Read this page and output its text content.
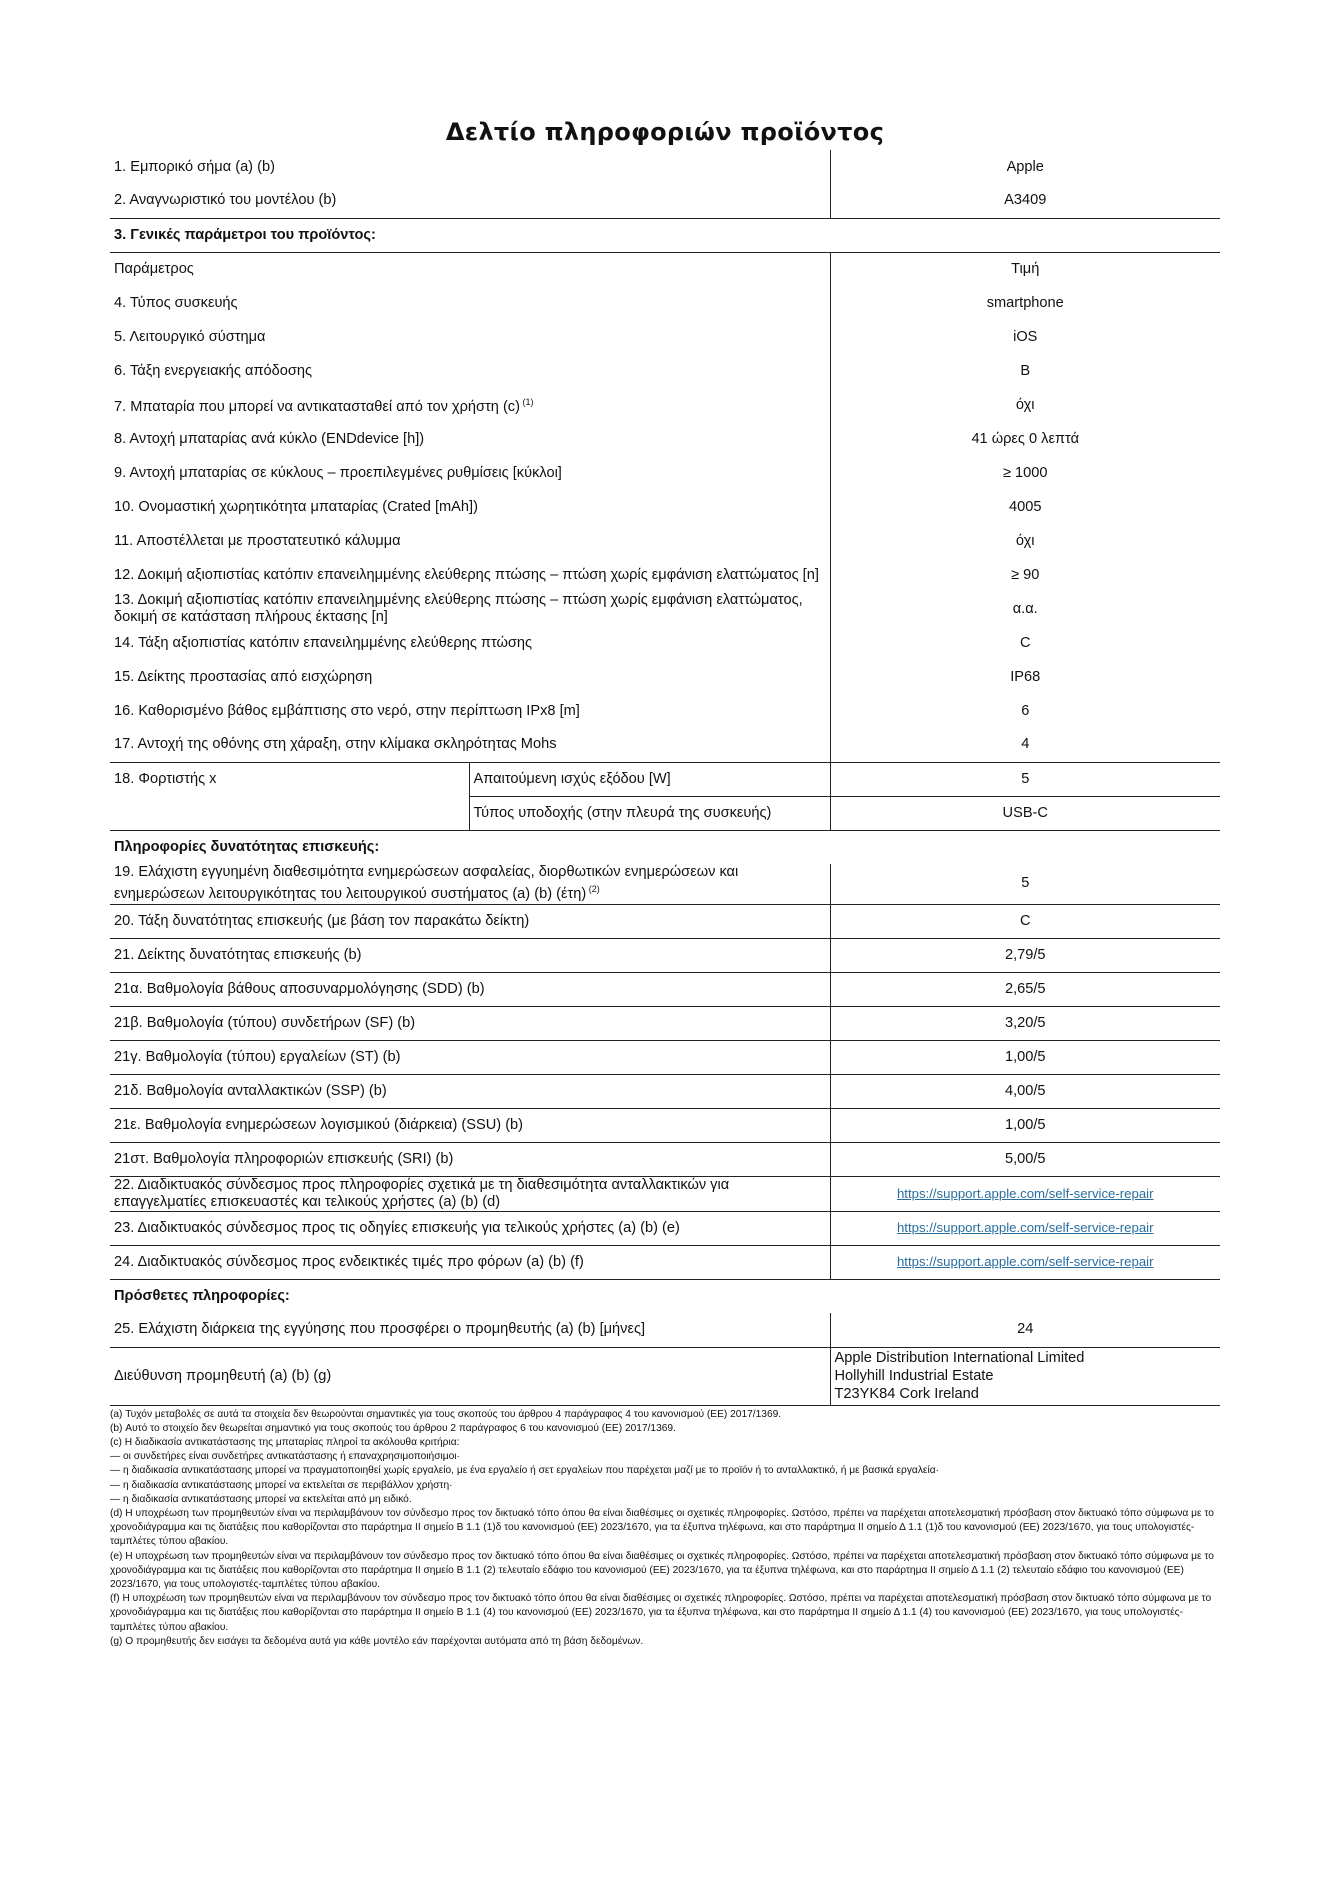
Δελτίο πληροφοριών προϊόντος
1. Εμπορικό σήμα (a) (b)		Apple
2. Αναγνωριστικό του μοντέλου (b)		A3409
3. Γενικές παράμετροι του προϊόντος:		
Παράμετρος		Τιμή
4. Τύπος συσκευής		smartphone
5. Λειτουργικό σύστημα		iOS
6. Τάξη ενεργειακής απόδοσης		B
7. Μπαταρία που μπορεί να αντικατασταθεί από τον χρήστη (c) $^{(1)}$		όχι
8. Αντοχή μπαταρίας ανά κύκλο (ENDdevice [h])		41 ώρες 0 λεπτά
9. Αντοχή μπαταρίας σε κύκλους – προεπιλεγμένες ρυθμίσεις [κύκλοι]		≥ 1000
10. Ονομαστική χωρητικότητα μπαταρίας (Crated [mAh])		4005
11. Αποστέλλεται με προστατευτικό κάλυμμα		όχι
12. Δοκιμή αξιοπιστίας κατόπιν επανειλημμένης ελεύθερης πτώσης – πτώση χωρίς εμφάνιση ελαττώματος [n]		≥ 90
13. Δοκιμή αξιοπιστίας κατόπιν επανειλημμένης ελεύθερης πτώσης – πτώση χωρίς εμφάνιση ελαττώματος, δοκιμή σε κατάσταση πλήρους έκτασης [n]		α.α.
14. Τάξη αξιοπιστίας κατόπιν επανειλημμένης ελεύθερης πτώσης		C
15. Δείκτης προστασίας από εισχώρηση		IP68
16. Καθορισμένο βάθος εμβάπτισης στο νερό, στην περίπτωση IPx8 [m]		6
17. Αντοχή της οθόνης στη χάραξη, στην κλίμακα σκληρότητας Mohs		4
18. Φορτιστής x	Απαιτούμενη ισχύς εξόδου [W]	5
	Τύπος υποδοχής (στην πλευρά της συσκευής)	USB-C
Πληροφορίες δυνατότητας επισκευής:		
19. Ελάχιστη εγγυημένη διαθεσιμότητα ενημερώσεων ασφαλείας, διορθωτικών ενημερώσεων και ενημερώσεων λειτουργικότητας του λειτουργικού συστήματος (a) (b) (έτη) $^{(2)}$		5
20. Τάξη δυνατότητας επισκευής (με βάση τον παρακάτω δείκτη)		C
21. Δείκτης δυνατότητας επισκευής (b)		2,79/5
21α. Βαθμολογία βάθους αποσυναρμολόγησης (SDD) (b)		2,65/5
21β. Βαθμολογία (τύπου) συνδετήρων (SF) (b)		3,20/5
21γ. Βαθμολογία (τύπου) εργαλείων (ST) (b)		1,00/5
21δ. Βαθμολογία ανταλλακτικών (SSP) (b)		4,00/5
21ε. Βαθμολογία ενημερώσεων λογισμικού (διάρκεια) (SSU) (b)		1,00/5
21στ. Βαθμολογία πληροφοριών επισκευής (SRI) (b)		5,00/5
22. Διαδικτυακός σύνδεσμος προς πληροφορίες σχετικά με τη διαθεσιμότητα ανταλλακτικών για επαγγελματίες επισκευαστές και τελικούς χρήστες (a) (b) (d)		https://support.apple.com/self-service-repair
23. Διαδικτυακός σύνδεσμος προς τις οδηγίες επισκευής για τελικούς χρήστες (a) (b) (e)		https://support.apple.com/self-service-repair
24. Διαδικτυακός σύνδεσμος προς ενδεικτικές τιμές προ φόρων (a) (b) (f)		https://support.apple.com/self-service-repair
Πρόσθετες πληροφορίες:		
25. Ελάχιστη διάρκεια της εγγύησης που προσφέρει ο προμηθευτής (a) (b) [μήνες]		24
Διεύθυνση προμηθευτή (a) (b) (g)		Apple Distribution International Limited
Hollyhill Industrial Estate
T23YK84 Cork Ireland

(a) Τυχόν μεταβολές σε αυτά τα στοιχεία δεν θεωρούνται σημαντικές για τους σκοπούς του άρθρου 4 παράγραφος 4 του κανονισμού (ΕΕ) 2017/1369.

(b) Αυτό το στοιχείο δεν θεωρείται σημαντικό για τους σκοπούς του άρθρου 2 παράγραφος 6 του κανονισμού (ΕΕ) 2017/1369.

(c) Η διαδικασία αντικατάστασης της μπαταρίας πληροί τα ακόλουθα κριτήρια:

— οι συνδετήρες είναι συνδετήρες αντικατάστασης ή επαναχρησιμοποιήσιμοι·

— η διαδικασία αντικατάστασης μπορεί να πραγματοποιηθεί χωρίς εργαλείο, με ένα εργαλείο ή σετ εργαλείων που παρέχεται μαζί με το προϊόν ή το ανταλλακτικό, ή με βασικά εργαλεία·

— η διαδικασία αντικατάστασης μπορεί να εκτελείται σε περιβάλλον χρήστη·

— η διαδικασία αντικατάστασης μπορεί να εκτελείται από μη ειδικό.

(d) Η υποχρέωση των προμηθευτών είναι να περιλαμβάνουν τον σύνδεσμο προς τον δικτυακό τόπο όπου θα είναι διαθέσιμες οι σχετικές πληροφορίες. Ωστόσο, πρέπει να παρέχεται αποτελεσματική πρόσβαση στον δικτυακό τόπο σύμφωνα με το χρονοδιάγραμμα και τις διατάξεις που καθορίζονται στο παράρτημα II σημείο Β 1.1 (1)δ του κανονισμού (ΕΕ) 2023/1670, για τα έξυπνα τηλέφωνα, και στο παράρτημα II σημείο Δ 1.1 (1)δ του κανονισμού (ΕΕ) 2023/1670, για τους υπολογιστές-ταμπλέτες τύπου αβακίου.

(e) Η υποχρέωση των προμηθευτών είναι να περιλαμβάνουν τον σύνδεσμο προς τον δικτυακό τόπο όπου θα είναι διαθέσιμες οι σχετικές πληροφορίες. Ωστόσο, πρέπει να παρέχεται αποτελεσματική πρόσβαση στον δικτυακό τόπο σύμφωνα με το χρονοδιάγραμμα και τις διατάξεις που καθορίζονται στο παράρτημα II σημείο Β 1.1 (2) τελευταίο εδάφιο του κανονισμού (ΕΕ) 2023/1670, για τα έξυπνα τηλέφωνα, και στο παράρτημα II σημείο Δ 1.1 (2) τελευταίο εδάφιο του κανονισμού (ΕΕ) 2023/1670, για τους υπολογιστές-ταμπλέτες τύπου αβακίου.

(f) Η υποχρέωση των προμηθευτών είναι να περιλαμβάνουν τον σύνδεσμο προς τον δικτυακό τόπο όπου θα είναι διαθέσιμες οι σχετικές πληροφορίες. Ωστόσο, πρέπει να παρέχεται αποτελεσματική πρόσβαση στον δικτυακό τόπο σύμφωνα με το χρονοδιάγραμμα και τις διατάξεις που καθορίζονται στο παράρτημα II σημείο Β 1.1 (4) του κανονισμού (ΕΕ) 2023/1670, για τα έξυπνα τηλέφωνα, και στο παράρτημα II σημείο Δ 1.1 (4) του κανονισμού (ΕΕ) 2023/1670, για τους υπολογιστές-ταμπλέτες τύπου αβακίου.

(g) Ο προμηθευτής δεν εισάγει τα δεδομένα αυτά για κάθε μοντέλο εάν παρέχονται αυτόματα από τη βάση δεδομένων.
